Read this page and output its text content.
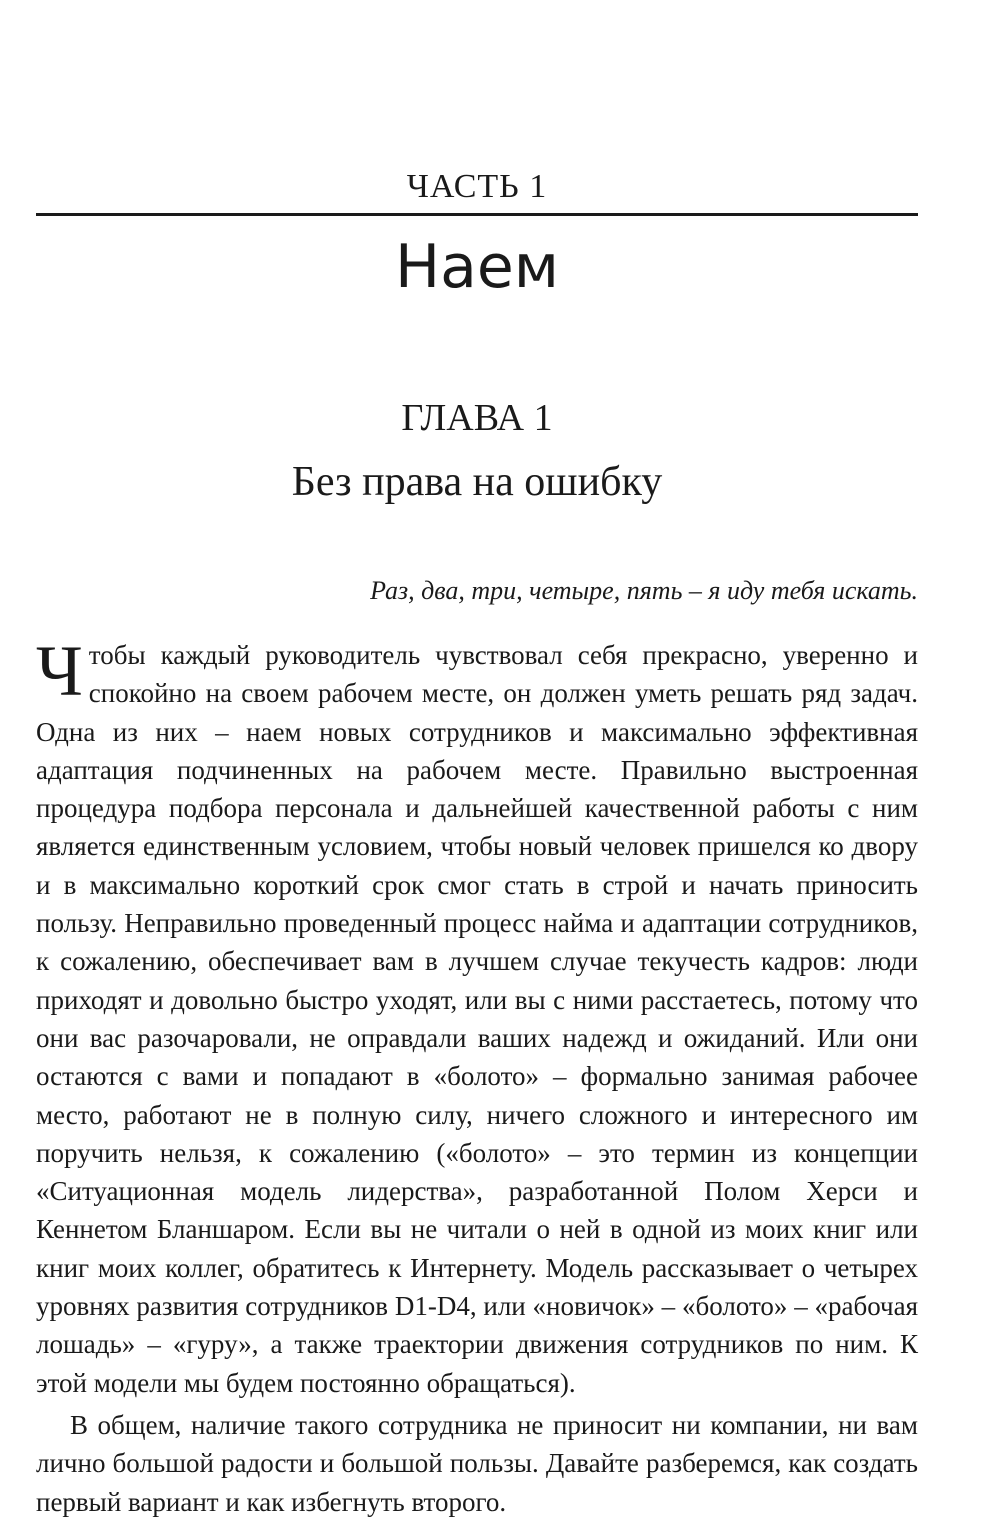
ЧАСТЬ 1
Наем
ГЛАВА 1
Без права на ошибку
Раз, два, три, четыре, пять – я иду тебя искать.

Чтобы каждый руководитель чувствовал себя прекрасно, уверенно и спокойно на своем рабочем месте, он должен уметь решать ряд задач. Одна из них – наем новых сотрудников и максимально эффективная адаптация подчиненных на рабочем месте. Правильно выстроенная процедура подбора персонала и дальнейшей качественной работы с ним является единственным условием, чтобы новый человек пришелся ко двору и в максимально короткий срок смог стать в строй и начать приносить пользу. Неправильно проведенный процесс найма и адаптации сотрудников, к сожалению, обеспечивает вам в лучшем случае текучесть кадров: люди приходят и довольно быстро уходят, или вы с ними расстаетесь, потому что они вас разочаровали, не оправдали ваших надежд и ожиданий. Или они остаются с вами и попадают в «болото» – формально занимая рабочее место, работают не в полную силу, ничего сложного и интересного им поручить нельзя, к сожалению («болото» – это термин из концепции «Ситуационная модель лидерства», разработанной Полом Херси и Кеннетом Бланшаром. Если вы не читали о ней в одной из моих книг или книг моих коллег, обратитесь к Интернету. Модель рассказывает о четырех уровнях развития сотрудников D1-D4, или «новичок» – «болото» – «рабочая лошадь» – «гуру», а также траектории движения сотрудников по ним. К этой модели мы будем постоянно обращаться).

В общем, наличие такого сотрудника не приносит ни компании, ни вам лично большой радости и большой пользы. Давайте разберемся, как создать первый вариант и как избегнуть второго.
